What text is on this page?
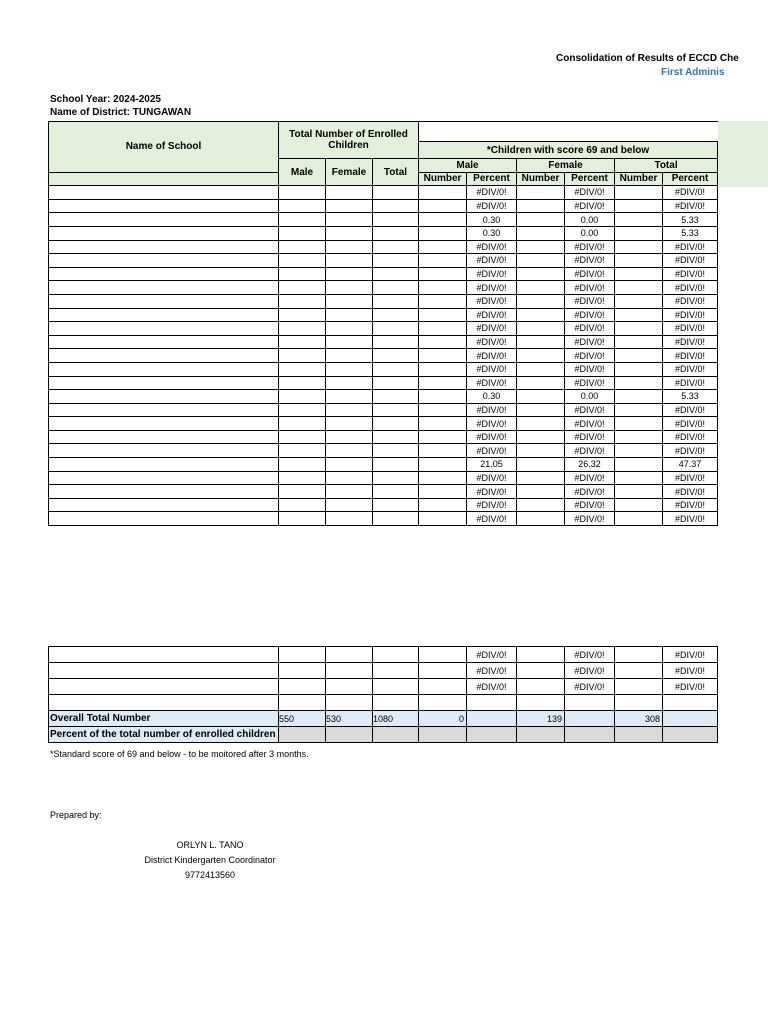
Consolidation of Results of ECCD Che
First Adminis
School Year: 2024-2025
Name of District: TUNGAWAN
Name of School	Total Number of Enrolled Children								
				*Children with score 69 and below					
	Male	Female	Total	Male		Female		Total	
				Number	Percent	Number	Percent	Number	Percent
					#DIV/0!		#DIV/0!		#DIV/0!
					#DIV/0!		#DIV/0!		#DIV/0!
					0.30		0.00		5.33
					0.30		0.00		5.33
					#DIV/0!		#DIV/0!		#DIV/0!
					#DIV/0!		#DIV/0!		#DIV/0!
					#DIV/0!		#DIV/0!		#DIV/0!
					#DIV/0!		#DIV/0!		#DIV/0!
					#DIV/0!		#DIV/0!		#DIV/0!
					#DIV/0!		#DIV/0!		#DIV/0!
					#DIV/0!		#DIV/0!		#DIV/0!
					#DIV/0!		#DIV/0!		#DIV/0!
					#DIV/0!		#DIV/0!		#DIV/0!
					#DIV/0!		#DIV/0!		#DIV/0!
					#DIV/0!		#DIV/0!		#DIV/0!
					0.30		0.00		5.33
					#DIV/0!		#DIV/0!		#DIV/0!
					#DIV/0!		#DIV/0!		#DIV/0!
					#DIV/0!		#DIV/0!		#DIV/0!
					#DIV/0!		#DIV/0!		#DIV/0!
					21.05		26.32		47.37
					#DIV/0!		#DIV/0!		#DIV/0!
					#DIV/0!		#DIV/0!		#DIV/0!
					#DIV/0!		#DIV/0!		#DIV/0!
					#DIV/0!		#DIV/0!		#DIV/0!
					#DIV/0!		#DIV/0!		#DIV/0!
					#DIV/0!		#DIV/0!		#DIV/0!
					#DIV/0!		#DIV/0!		#DIV/0!

Overall Total Number	550	530	1080	0		139		308	
Percent of the total number of enrolled children									
*Standard score of 69 and below - to be moitored after 3 months.
Prepared by:
ORLYN L. TANO
District Kindergarten Coordinator
9772413560
